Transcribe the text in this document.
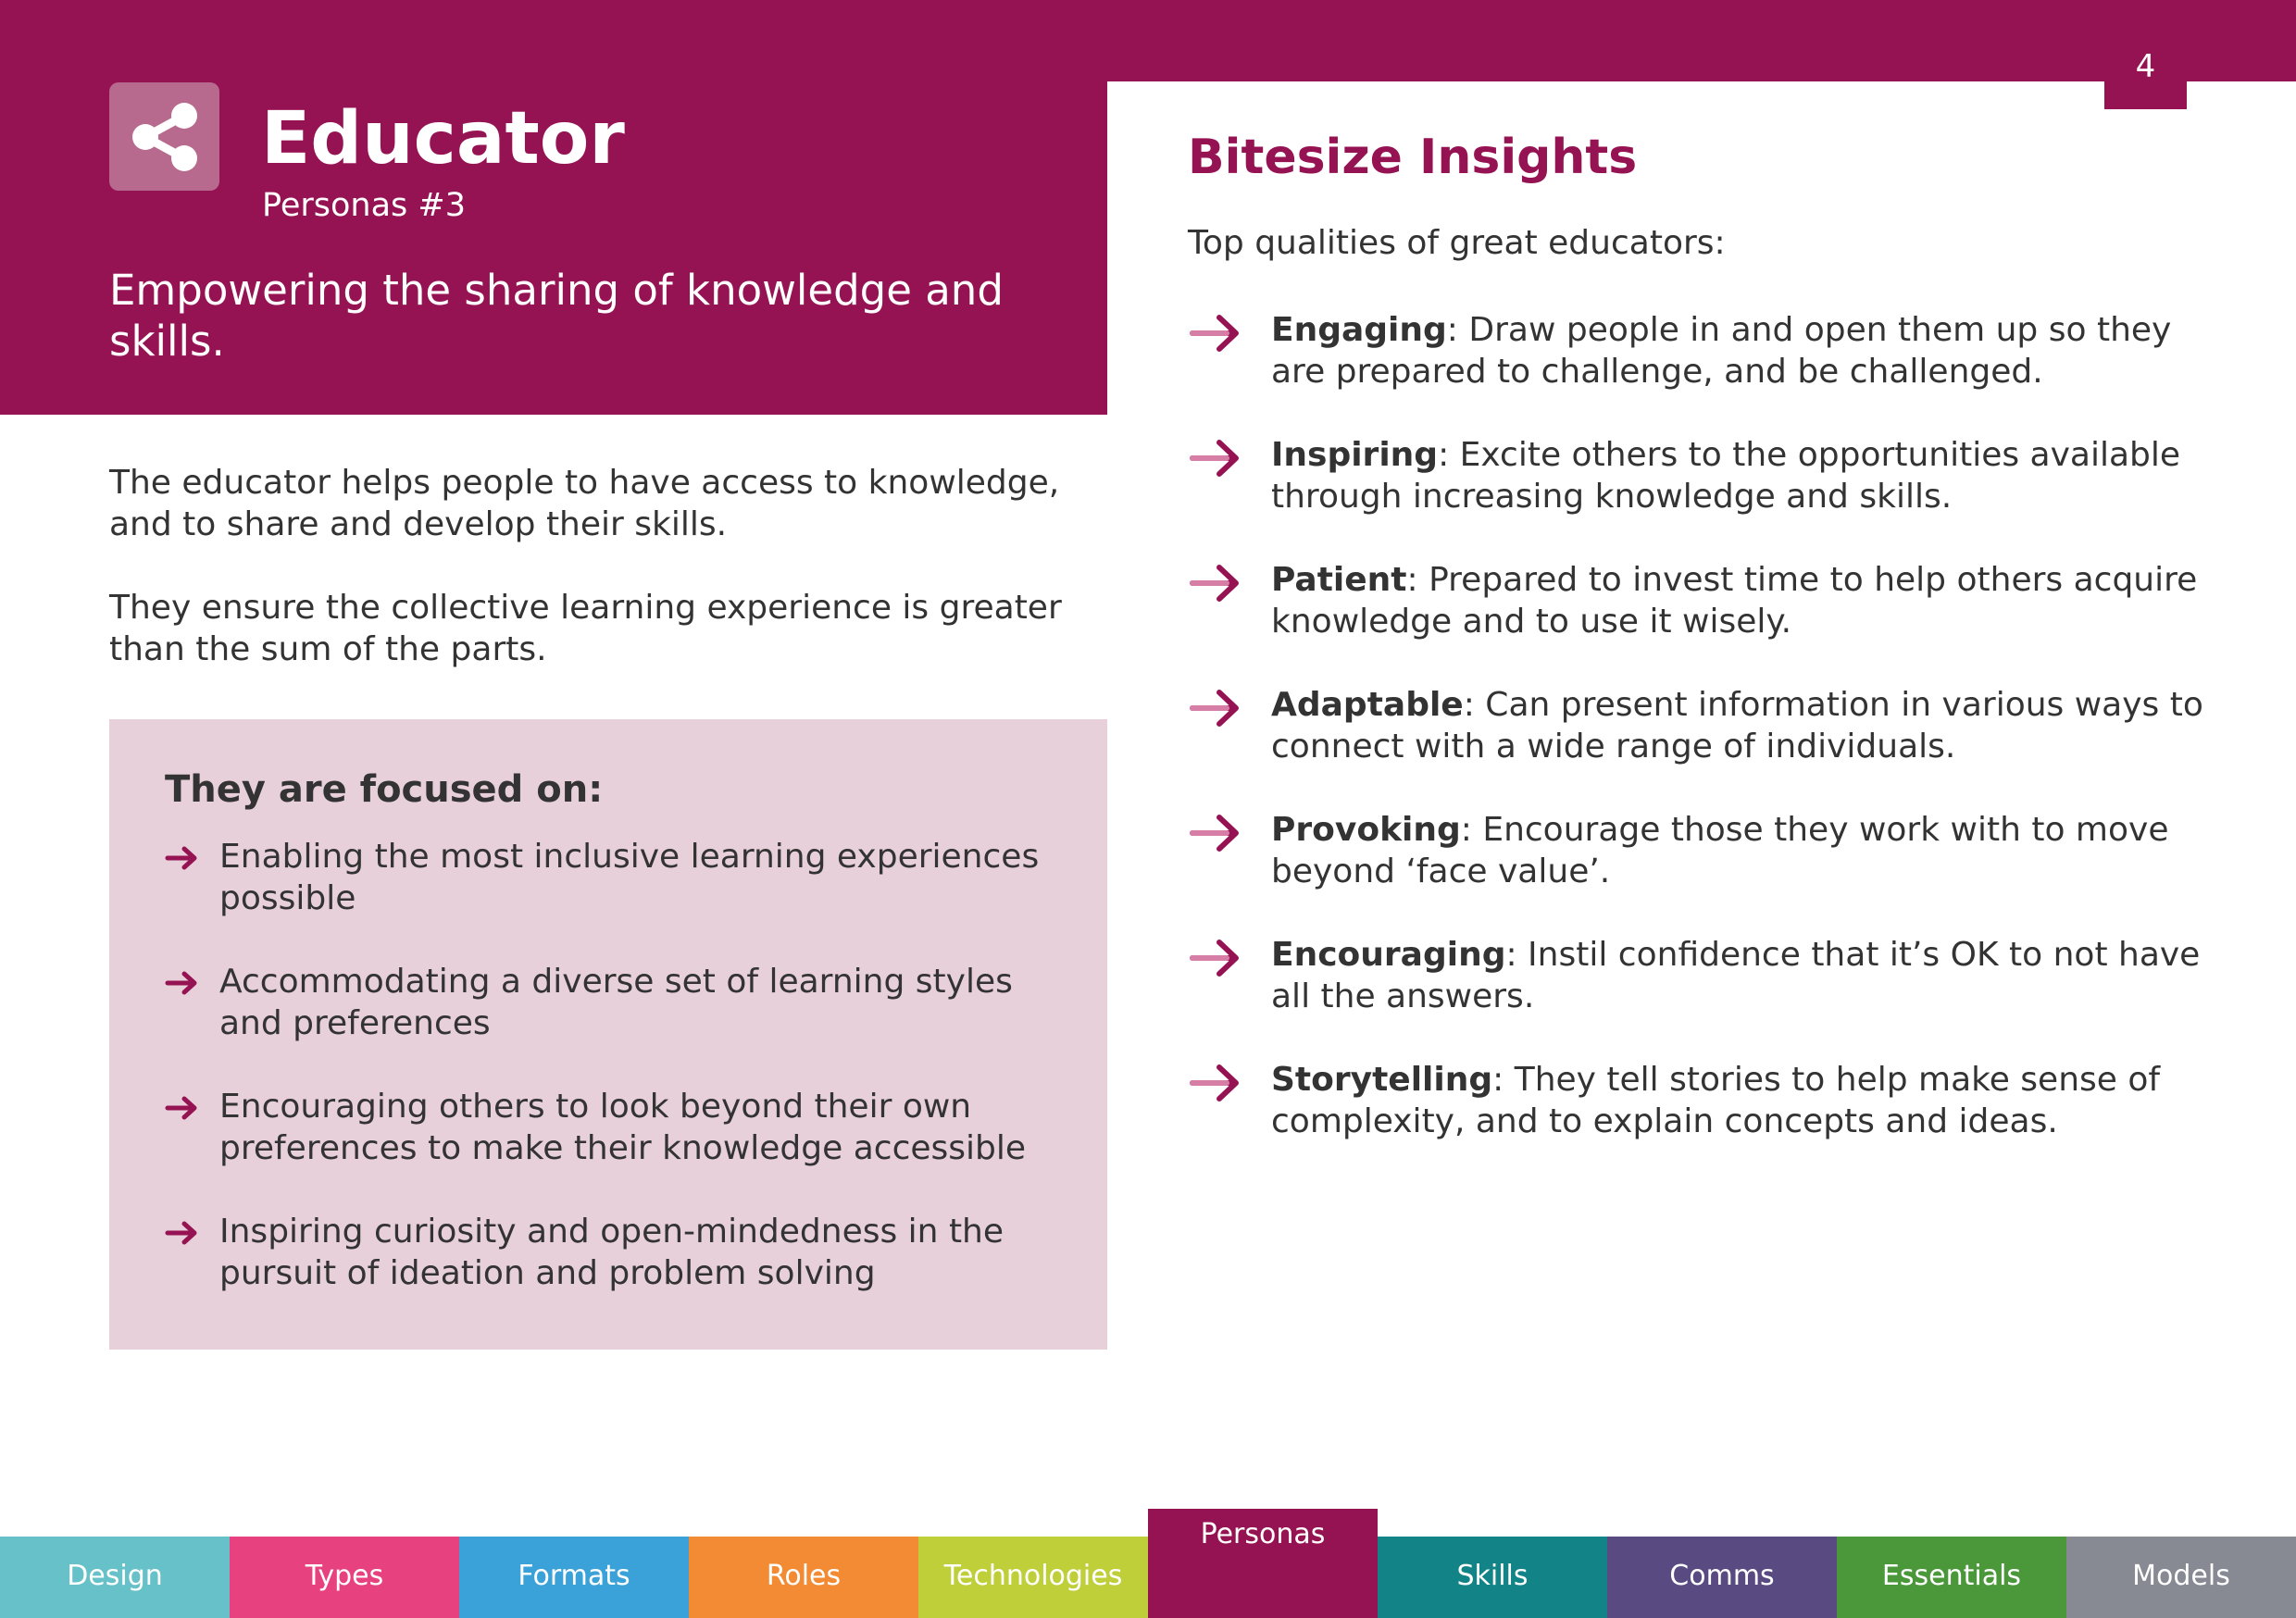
4
Educator
Personas #3
Empowering the sharing of knowledge and skills.

The educator helps people to have access to knowledge, and to share and develop their skills.

They ensure the collective learning experience is greater than the sum of the parts.

They are focused on:
Enabling the most inclusive learning experiences possible
Accommodating a diverse set of learning styles and preferences
Encouraging others to look beyond their own preferences to make their knowledge accessible
Inspiring curiosity and open-mindedness in the pursuit of ideation and problem solving
Bitesize Insights
Top qualities of great educators:
Engaging: Draw people in and open them up so they are prepared to challenge, and be challenged.
Inspiring: Excite others to the opportunities available through increasing knowledge and skills.
Patient: Prepared to invest time to help others acquire knowledge and to use it wisely.
Adaptable: Can present information in various ways to connect with a wide range of individuals.
Provoking: Encourage those they work with to move beyond ‘face value’.
Encouraging: Instil confidence that it’s OK to not have all the answers.
Storytelling: They tell stories to help make sense of complexity, and to explain concepts and ideas.
Design	Types	Formats	Roles	Technologies
Personas
Skills	Comms	Essentials	Models
